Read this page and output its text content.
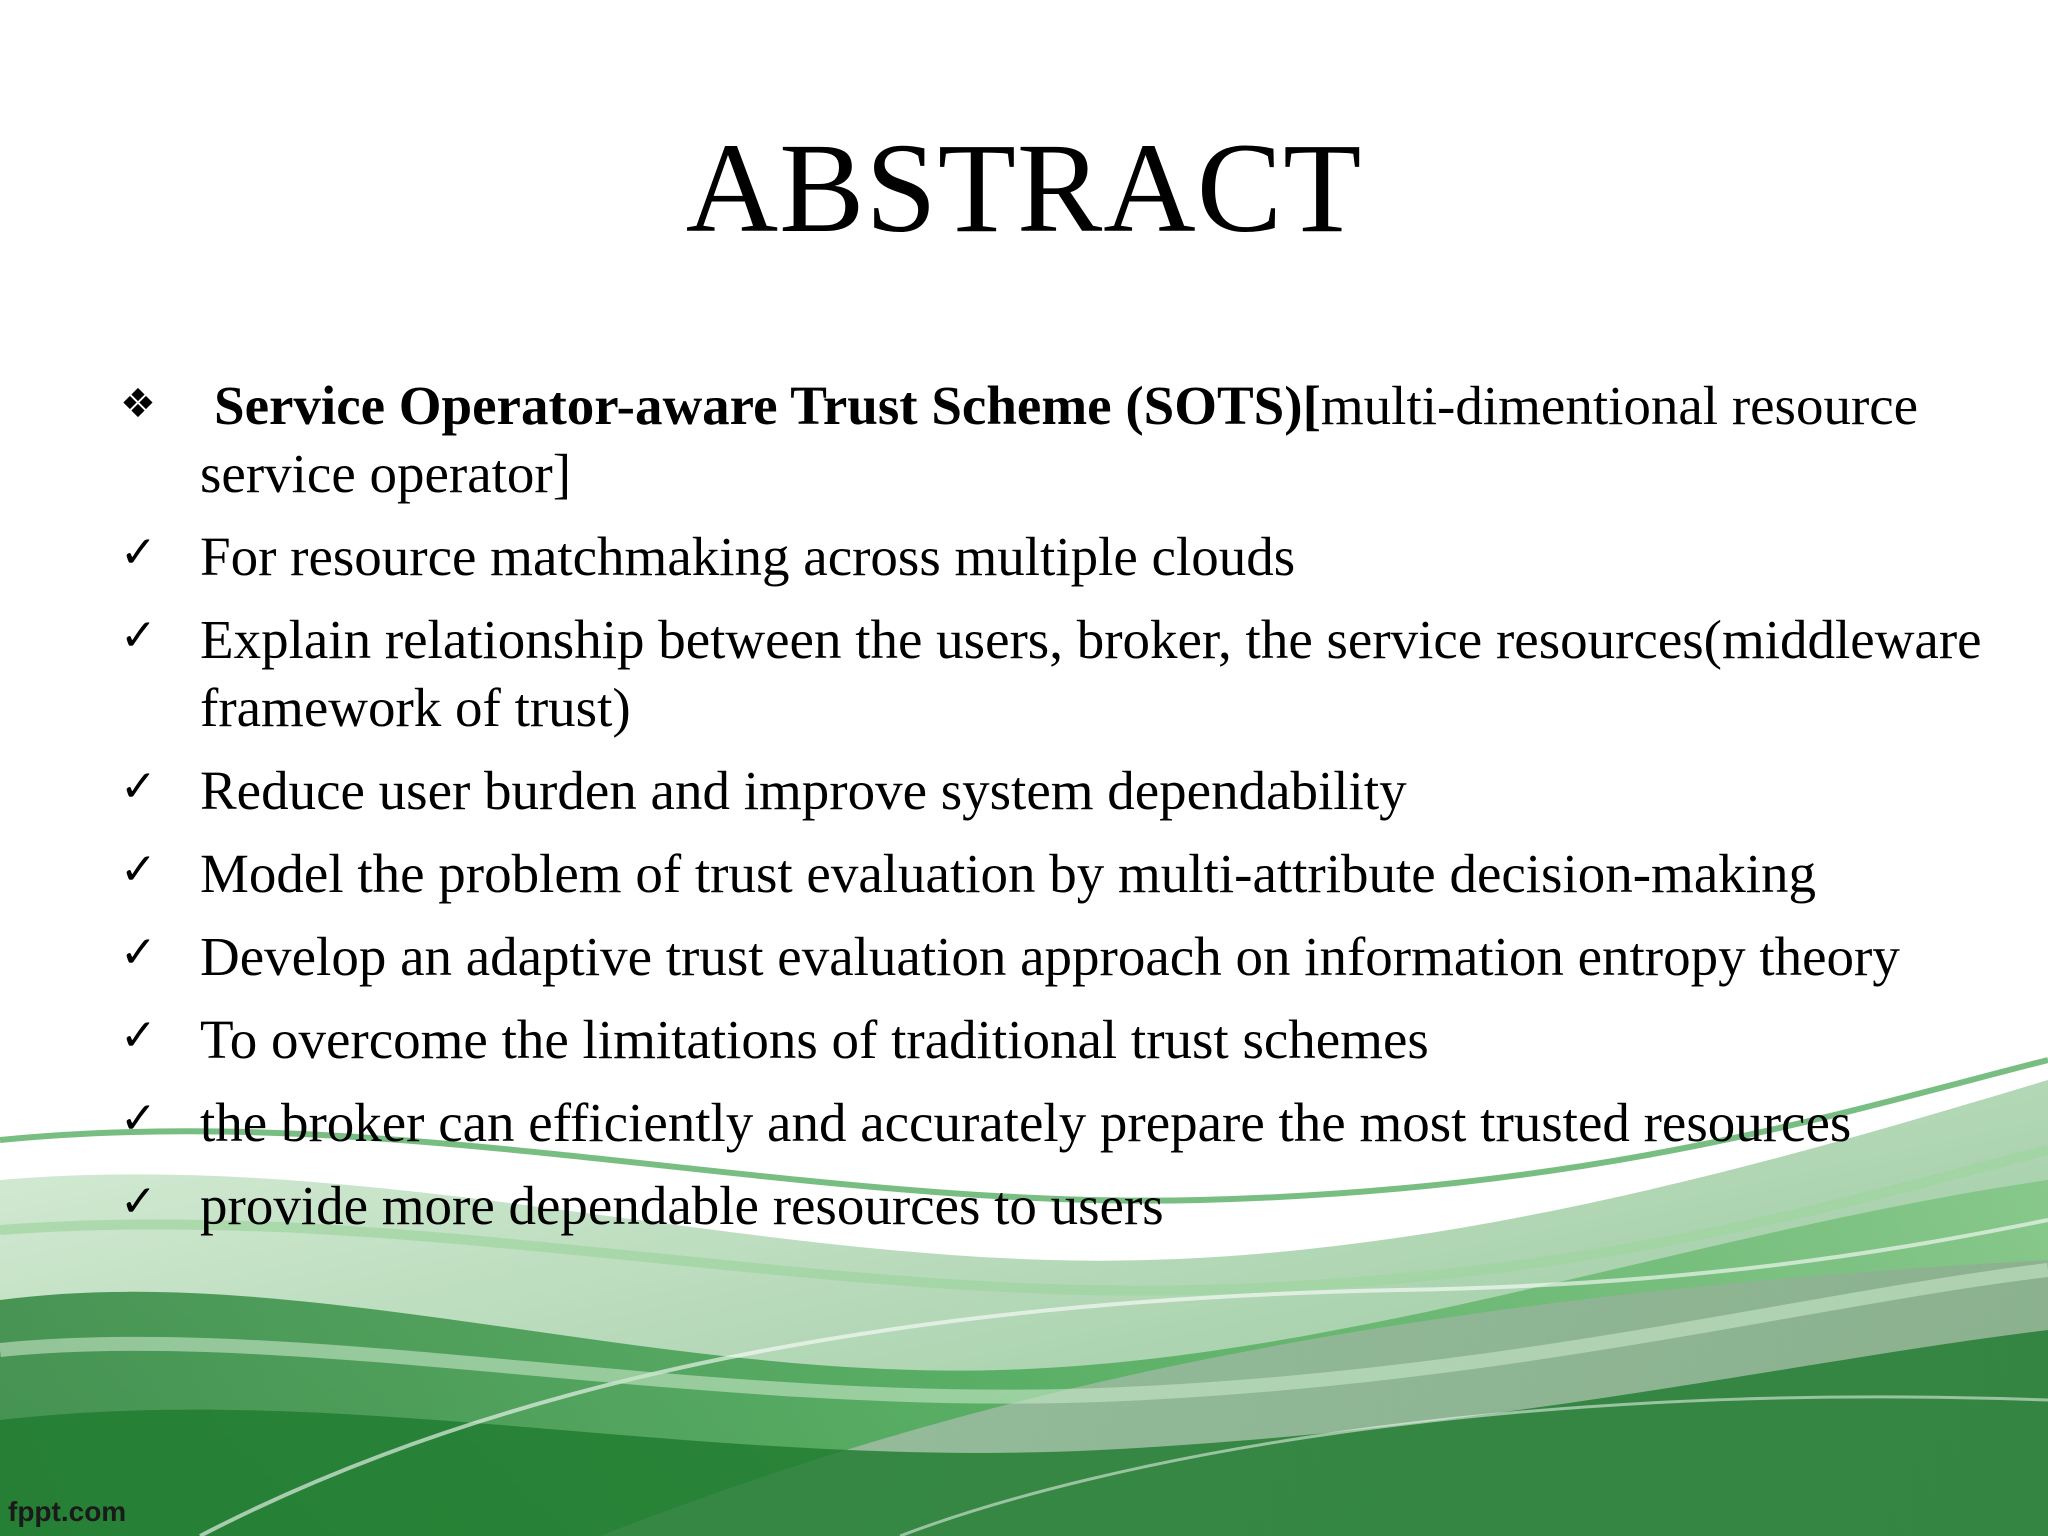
ABSTRACT
❖	Service Operator-aware Trust Scheme (SOTS)[multi-dimentional resource service operator]
✓ For resource matchmaking across multiple clouds
✓ Explain relationship between the users, broker, the service resources(middleware framework of trust)
✓ Reduce user burden and improve system dependability
✓ Model the problem of trust evaluation by multi-attribute decision-making
✓ Develop an adaptive trust evaluation approach on information entropy theory
✓ To overcome the limitations of traditional trust schemes
✓ the broker can efficiently and accurately prepare the most trusted resources
✓ provide more dependable resources to users
fppt.com
